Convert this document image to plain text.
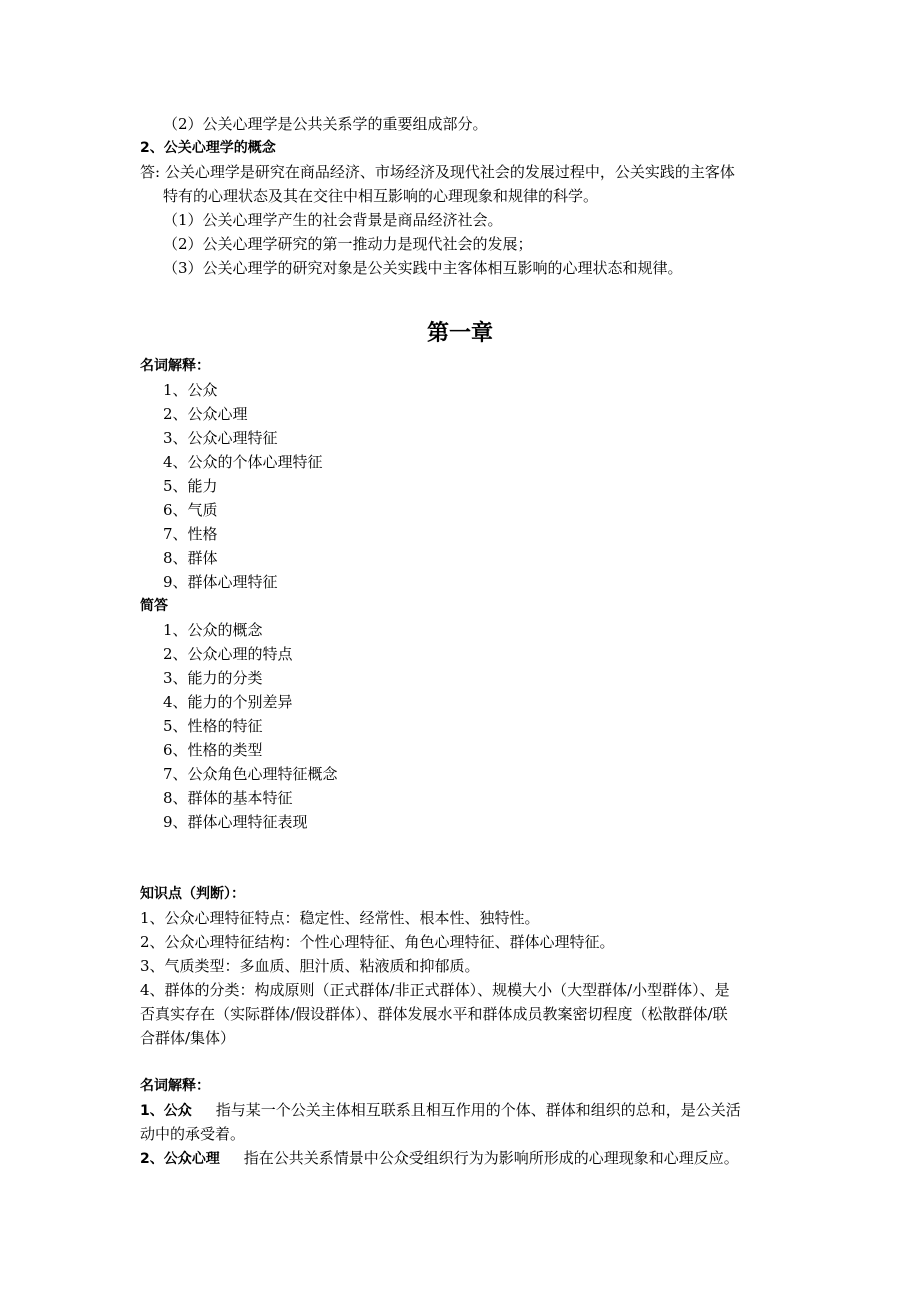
（2）公关心理学是公共关系学的重要组成部分。
2、公关心理学的概念
答: 公关心理学是研究在商品经济、市场经济及现代社会的发展过程中，公关实践的主客体
特有的心理状态及其在交往中相互影响的心理现象和规律的科学。
（1）公关心理学产生的社会背景是商品经济社会。
（2）公关心理学研究的第一推动力是现代社会的发展；
（3）公关心理学的研究对象是公关实践中主客体相互影响的心理状态和规律。
第一章
名词解释：
1、公众
2、公众心理
3、公众心理特征
4、公众的个体心理特征
5、能力
6、气质
7、性格
8、群体
9、群体心理特征
简答
1、公众的概念
2、公众心理的特点
3、能力的分类
4、能力的个别差异
5、性格的特征
6、性格的类型
7、公众角色心理特征概念
8、群体的基本特征
9、群体心理特征表现
知识点（判断）：
1、公众心理特征特点：稳定性、经常性、根本性、独特性。
2、公众心理特征结构：个性心理特征、角色心理特征、群体心理特征。
3、气质类型：多血质、胆汁质、粘液质和抑郁质。
4、群体的分类：构成原则（正式群体/非正式群体）、规模大小（大型群体/小型群体）、是
否真实存在（实际群体/假设群体）、群体发展水平和群体成员教案密切程度（松散群体/联
合群体/集体）
名词解释：
1、公众 指与某一个公关主体相互联系且相互作用的个体、群体和组织的总和，是公关活
动中的承受着。
2、公众心理 指在公共关系情景中公众受组织行为为影响所形成的心理现象和心理反应。
